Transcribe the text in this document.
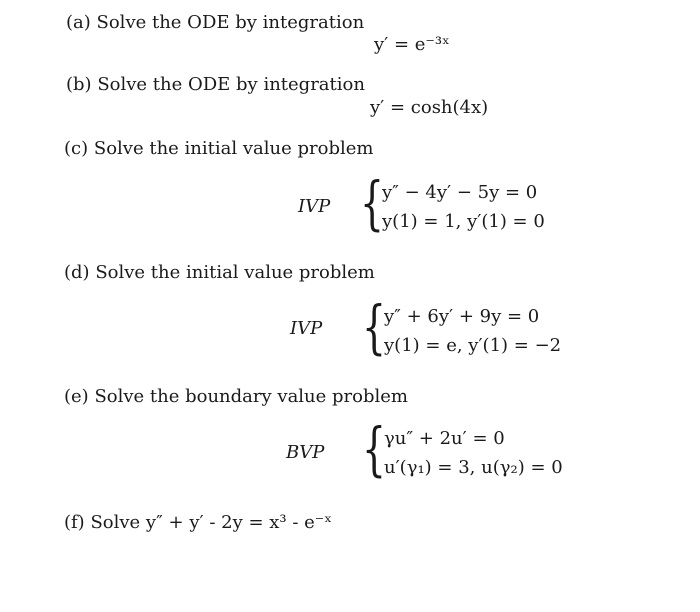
(a) Solve the ODE by integration
y′ = e⁻³ˣ
(b) Solve the ODE by integration
y′ = cosh(4x)
(c) Solve the initial value problem
IVP {
y″ − 4y′ − 5y = 0
y(1) = 1, y′(1) = 0
(d) Solve the initial value problem
IVP {
y″ + 6y′ + 9y = 0
y(1) = e, y′(1) = −2
(e) Solve the boundary value problem
BVP {
γu″ + 2u′ = 0
u′(γ₁) = 3, u(γ₂) = 0
(f) Solve y″ + y′ - 2y = x³ - e⁻ˣ
